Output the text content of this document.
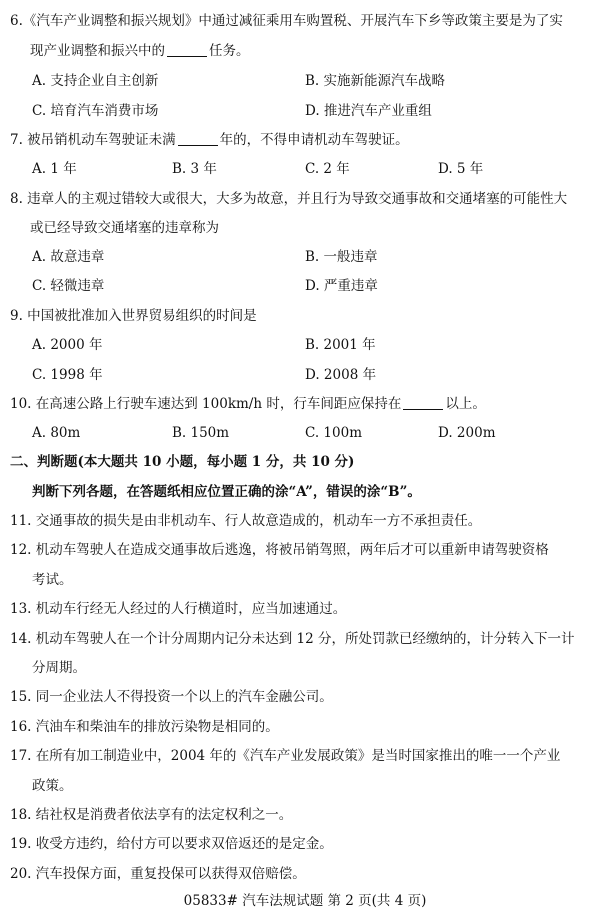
6.《汽车产业调整和振兴规划》中通过减征乘用车购置税、开展汽车下乡等政策主要是为了实
现产业调整和振兴中的	任务。
A. 支持企业自主创新	B. 实施新能源汽车战略
C. 培育汽车消费市场	D. 推进汽车产业重组
7. 被吊销机动车驾驶证未满	年的，不得申请机动车驾驶证。
A. 1 年	B. 3 年	C. 2 年	D. 5 年
8. 违章人的主观过错较大或很大，大多为故意，并且行为导致交通事故和交通堵塞的可能性大
或已经导致交通堵塞的违章称为
A. 故意违章	B. 一般违章
C. 轻微违章	D. 严重违章
9. 中国被批准加入世界贸易组织的时间是
A. 2000 年	B. 2001 年
C. 1998 年	D. 2008 年
10. 在高速公路上行驶车速达到 100km/h 时，行车间距应保持在	以上。
A. 80m	B. 150m	C. 100m	D. 200m
二、判断题(本大题共 10 小题，每小题 1 分，共 10 分)
判断下列各题，在答题纸相应位置正确的涂“A”，错误的涂“B”。
11. 交通事故的损失是由非机动车、行人故意造成的，机动车一方不承担责任。
12. 机动车驾驶人在造成交通事故后逃逸，将被吊销驾照，两年后才可以重新申请驾驶资格
考试。
13. 机动车行经无人经过的人行横道时，应当加速通过。
14. 机动车驾驶人在一个计分周期内记分未达到 12 分，所处罚款已经缴纳的，计分转入下一计
分周期。
15. 同一企业法人不得投资一个以上的汽车金融公司。
16. 汽油车和柴油车的排放污染物是相同的。
17. 在所有加工制造业中，2004 年的《汽车产业发展政策》是当时国家推出的唯一一个产业
政策。
18. 结社权是消费者依法享有的法定权利之一。
19. 收受方违约，给付方可以要求双倍返还的是定金。
20. 汽车投保方面，重复投保可以获得双倍赔偿。
05833# 汽车法规试题 第 2 页(共 4 页)
